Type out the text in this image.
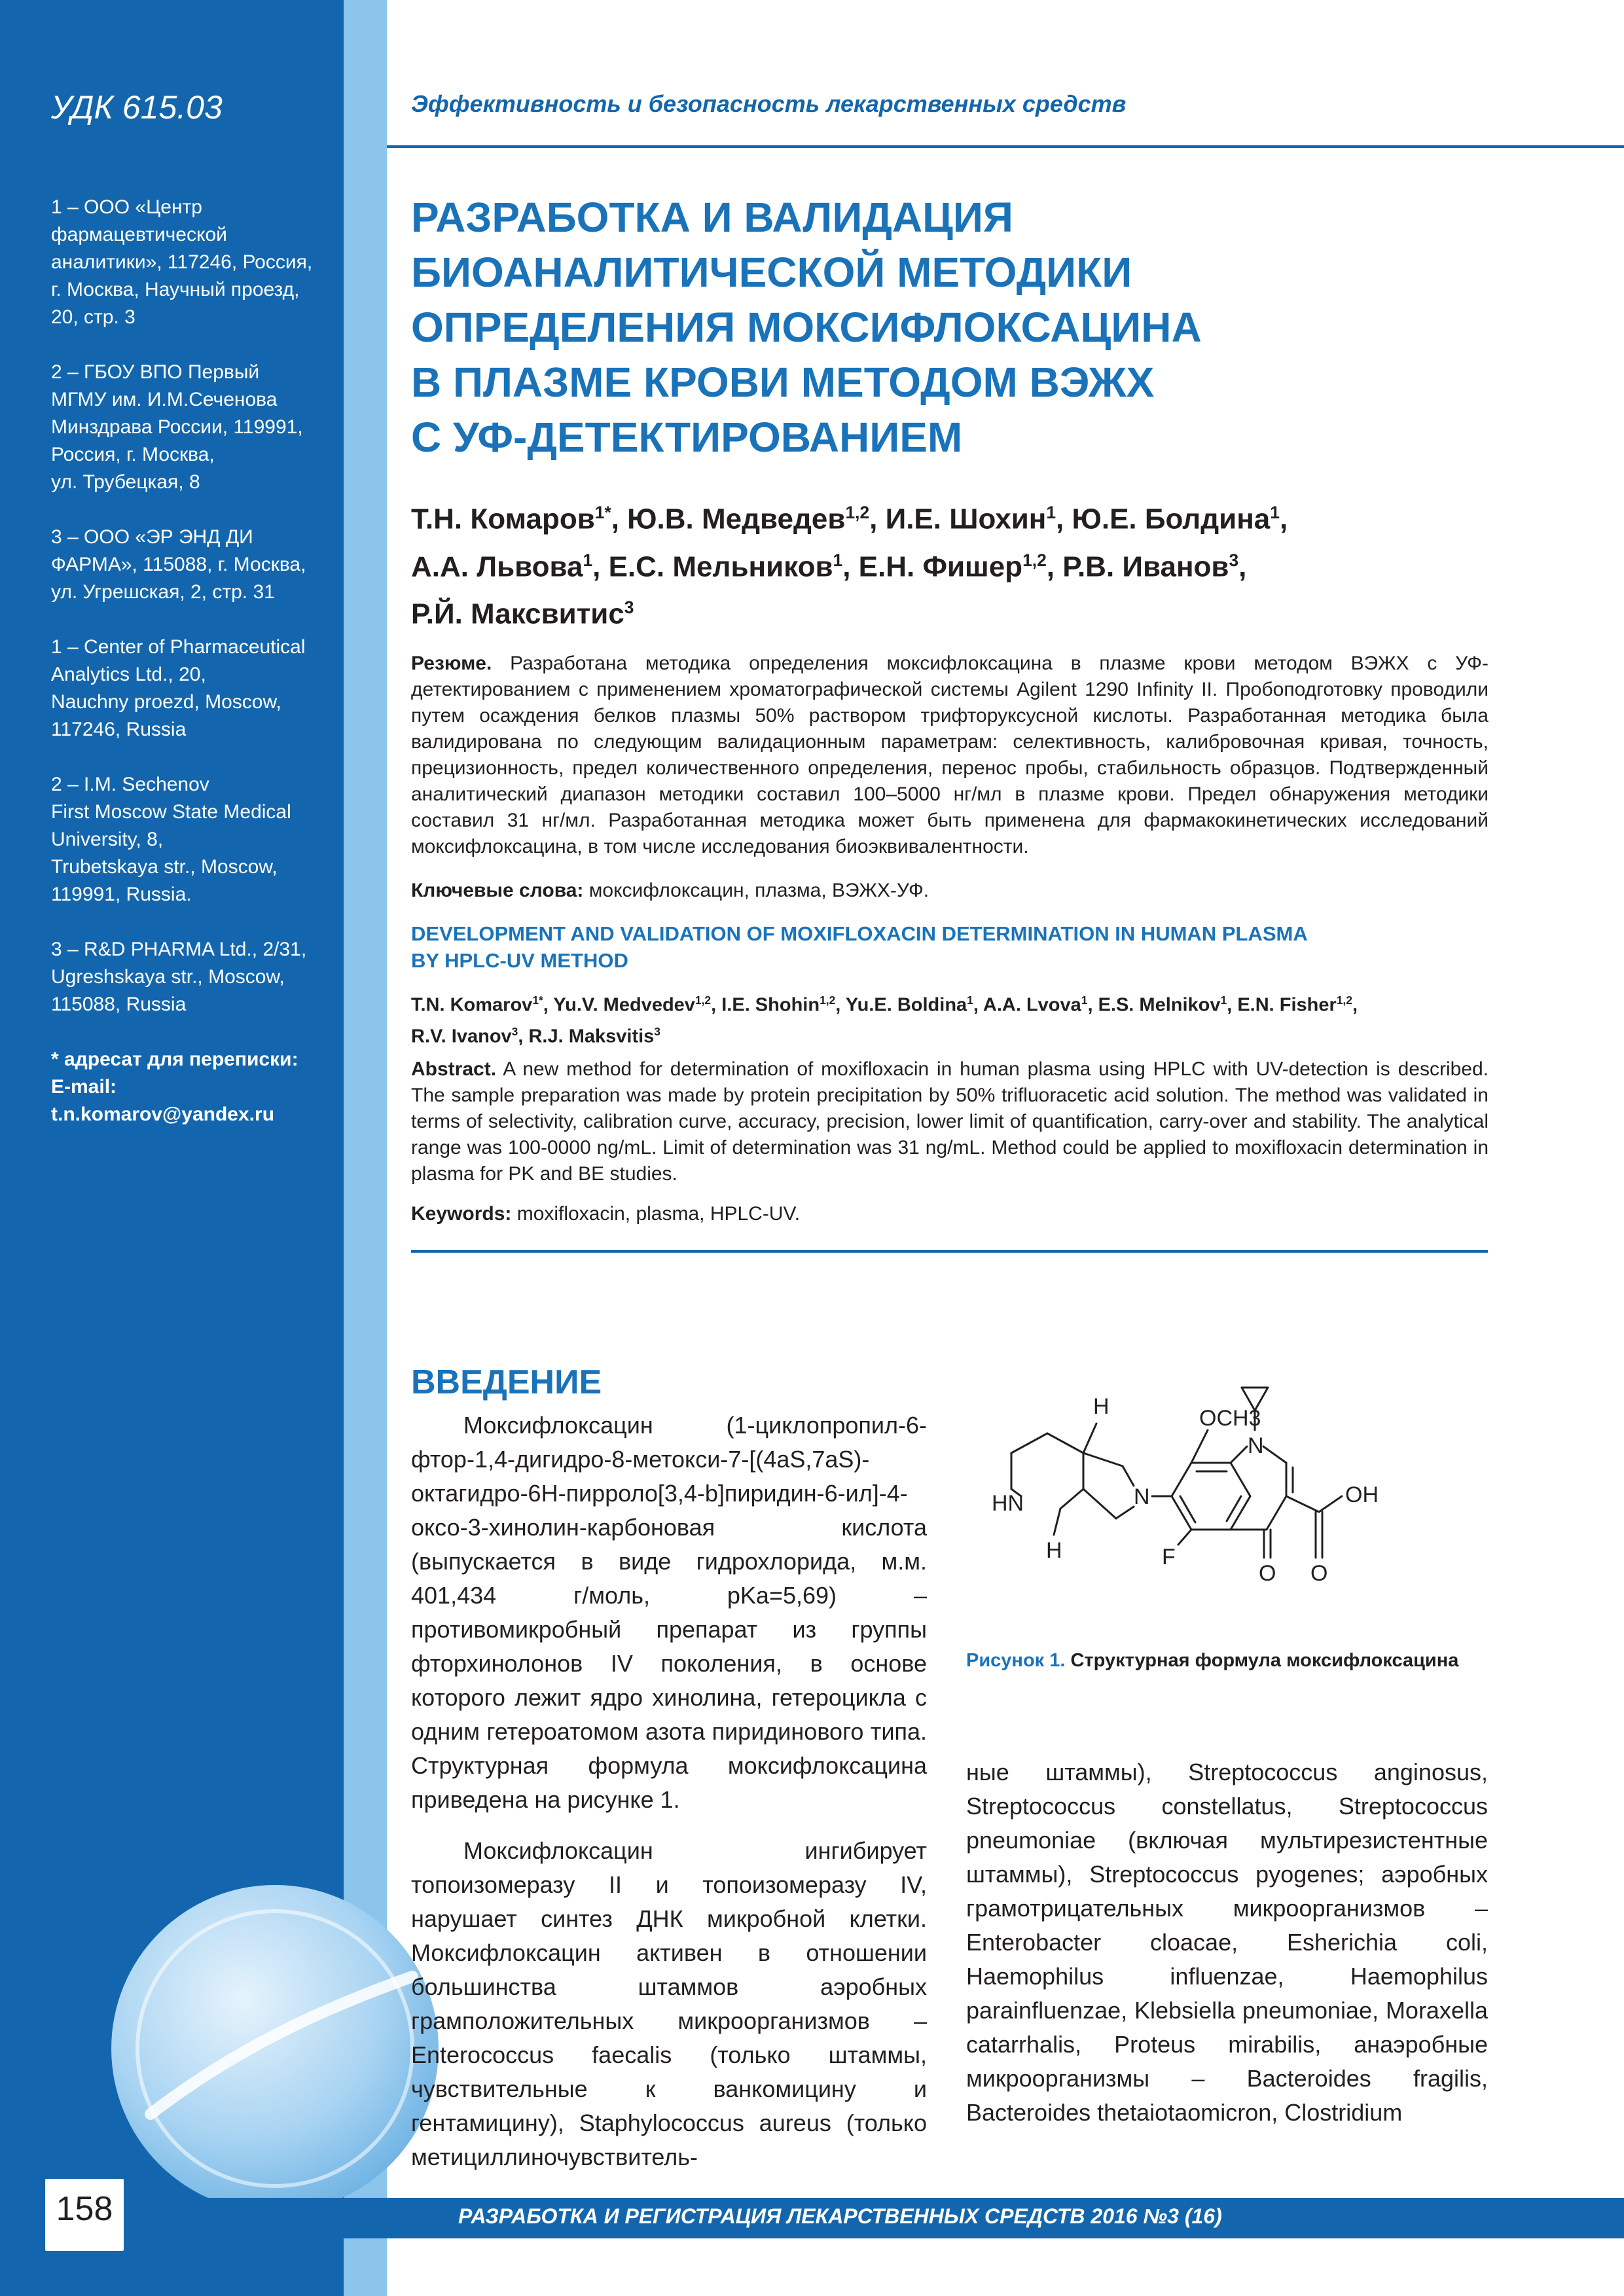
УДК 615.03
1 – ООО «Центр
фармацевтической
аналитики», 117246, Россия,
г. Москва, Научный проезд,
20, стр. 3
2 – ГБОУ ВПО Первый
МГМУ им. И.М.Сеченова
Минздрава России, 119991,
Россия, г. Москва,
ул. Трубецкая, 8
3 – ООО «ЭР ЭНД ДИ
ФАРМА», 115088, г. Москва,
ул. Угрешская, 2, стр. 31
1 – Center of Pharmaceutical
Analytics Ltd., 20,
Nauchny proezd, Moscow,
117246, Russia
2 – I.M. Sechenov
First Moscow State Medical
University, 8,
Trubetskaya str., Moscow,
119991, Russia.
3 – R&D PHARMA Ltd., 2/31,
Ugreshskaya str., Moscow,
115088, Russia
* адресат для переписки:
E-mail: t.n.komarov@yandex.ru
Эффективность и безопасность лекарственных средств
РАЗРАБОТКА И ВАЛИДАЦИЯ
БИОАНАЛИТИЧЕСКОЙ МЕТОДИКИ
ОПРЕДЕЛЕНИЯ МОКСИФЛОКСАЦИНА
В ПЛАЗМЕ КРОВИ МЕТОДОМ ВЭЖХ
С УФ-ДЕТЕКТИРОВАНИЕМ
Т.Н. Комаров$^{1*}$, Ю.В. Медведев$^{1,2}$, И.Е. Шохин$^1$, Ю.Е. Болдина$^1$,
А.А. Львова$^1$, Е.С. Мельников$^1$, Е.Н. Фишер$^{1,2}$, Р.В. Иванов$^3$,
Р.Й. Максвитис$^3$
Резюме. Разработана методика определения моксифлоксацина в плазме крови методом ВЭЖХ с УФ-детектированием с применением хроматографической системы Agilent 1290 Infinity II. Пробоподготовку проводили путем осаждения белков плазмы 50% раствором трифторуксусной кислоты. Разработанная методика была валидирована по следующим валидационным параметрам: селективность, калибровочная кривая, точность, прецизионность, предел количественного определения, перенос пробы, стабильность образцов. Подтвержденный аналитический диапазон методики составил 100–5000 нг/мл в плазме крови. Предел обнаружения методики составил 31 нг/мл. Разработанная методика может быть применена для фармакокинетических исследований моксифлоксацина, в том числе исследования биоэквивалентности.
Ключевые слова: моксифлоксацин, плазма, ВЭЖХ-УФ.
DEVELOPMENT AND VALIDATION OF MOXIFLOXACIN DETERMINATION IN HUMAN PLASMA
BY HPLC-UV METHOD
T.N. Komarov$^{1*}$, Yu.V. Medvedev$^{1,2}$, I.E. Shohin$^{1,2}$, Yu.E. Boldina$^1$, A.A. Lvova$^1$, E.S. Melnikov$^1$, E.N. Fisher$^{1,2}$,
R.V. Ivanov$^3$, R.J. Maksvitis$^3$
Abstract. A new method for determination of moxifloxacin in human plasma using HPLC with UV-detection is described. The sample preparation was made by protein precipitation by 50% trifluoracetic acid solution. The method was validated in terms of selectivity, calibration curve, accuracy, precision, lower limit of quantification, carry-over and stability. The analytical range was 100-0000 ng/mL. Limit of determination was 31 ng/mL. Method could be applied to moxifloxacin determination in plasma for PK and BE studies.
Keywords: moxifloxacin, plasma, HPLC-UV.
ВВЕДЕНИЕ

Моксифлоксацин (1-циклопропил-6-фтор-1,4-дигидро-8-метокси-7-[(4aS,7aS)-октагидро-6Н-пирроло[3,4-b]пиридин-6-ил]-4-оксо-3-хинолин-карбоновая кислота (выпускается в виде гидрохлорида, м.м. 401,434 г/моль, pKa=5,69) – противомикробный препарат из группы фторхинолонов IV поколения, в основе которого лежит ядро хинолина, гетероцикла с одним гетероатомом азота пиридинового типа. Структурная формула моксифлоксацина приведена на рисунке 1.

Моксифлоксацин ингибирует топоизомеразу II и топоизомеразу IV, нарушает синтез ДНК микробной клетки. Моксифлоксацин активен в отношении большинства штаммов аэробных грамположительных микроорганизмов – Enterococcus faecalis (только штаммы, чувствительные к ванкомицину и гентамицину), Staphylococcus aureus (только метициллиночувствитель-

H
H
HN	N
N
OCH3
F
OH
O O
Рисунок 1. Структурная формула моксифлоксацина

ные штаммы), Streptococcus anginosus, Streptococcus constellatus, Streptococcus pneumoniae (включая мультирезистентные штаммы), Streptococcus pyogenes; аэробных грамотрицательных микроорганизмов – Enterobacter cloacae, Esherichia coli, Haemophilus influenzae, Haemophilus parainfluenzae, Klebsiella pneumoniae, Moraxella catarrhalis, Proteus mirabilis, анаэробные микроорганизмы – Bacteroides fragilis, Bacteroides thetaiotaomicron, Clostridium

158	РАЗРАБОТКА И РЕГИСТРАЦИЯ ЛЕКАРСТВЕННЫХ СРЕДСТВ 2016 №3 (16)
